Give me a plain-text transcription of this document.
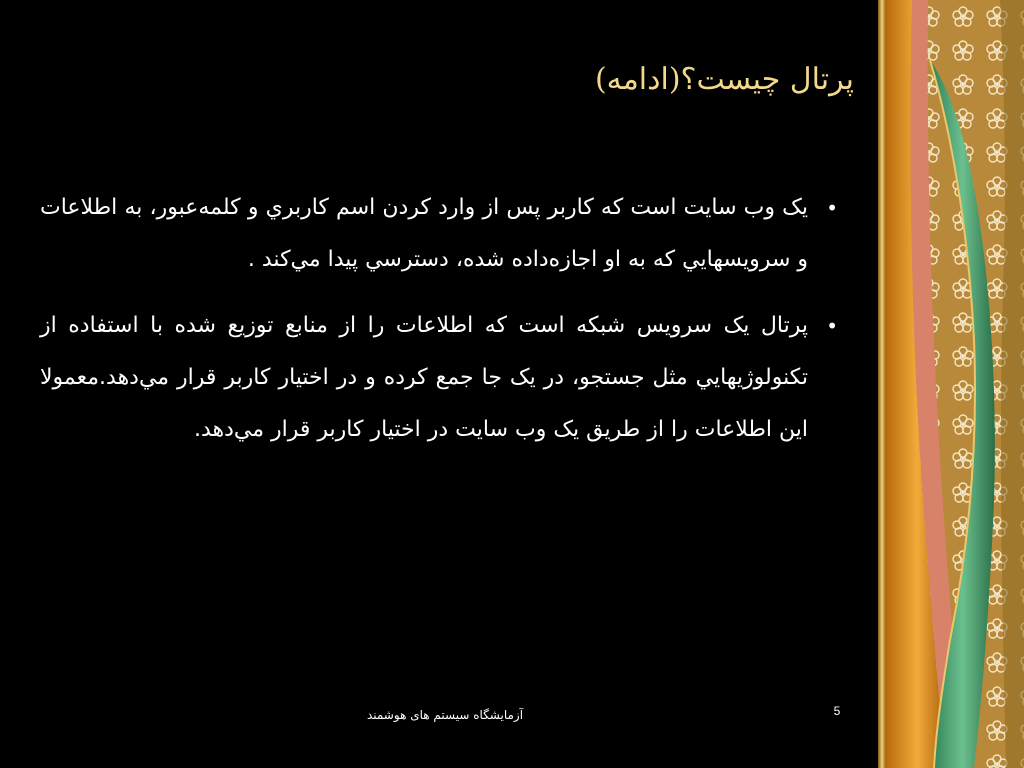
پرتال چيست؟(ادامه)
•
يک وب سايت است که کاربر پس از وارد کردن اسم کاربري و کلمه‌عبور، به اطلاعات و سرويسهايي که به او اجازه‌داده شده، دسترسي پيدا مي‌کند .
•
پرتال يک سرويس شبکه است که اطلاعات را از منابع توزيع شده با استفاده از تکنولوژيهايي مثل جستجو، در يک جا جمع کرده و در اختيار کاربر قرار مي‌دهد.معمولا اين اطلاعات را از طريق يک وب سايت در اختيار کاربر قرار مي‌دهد.
آزمايشگاه سيستم های هوشمند	5
